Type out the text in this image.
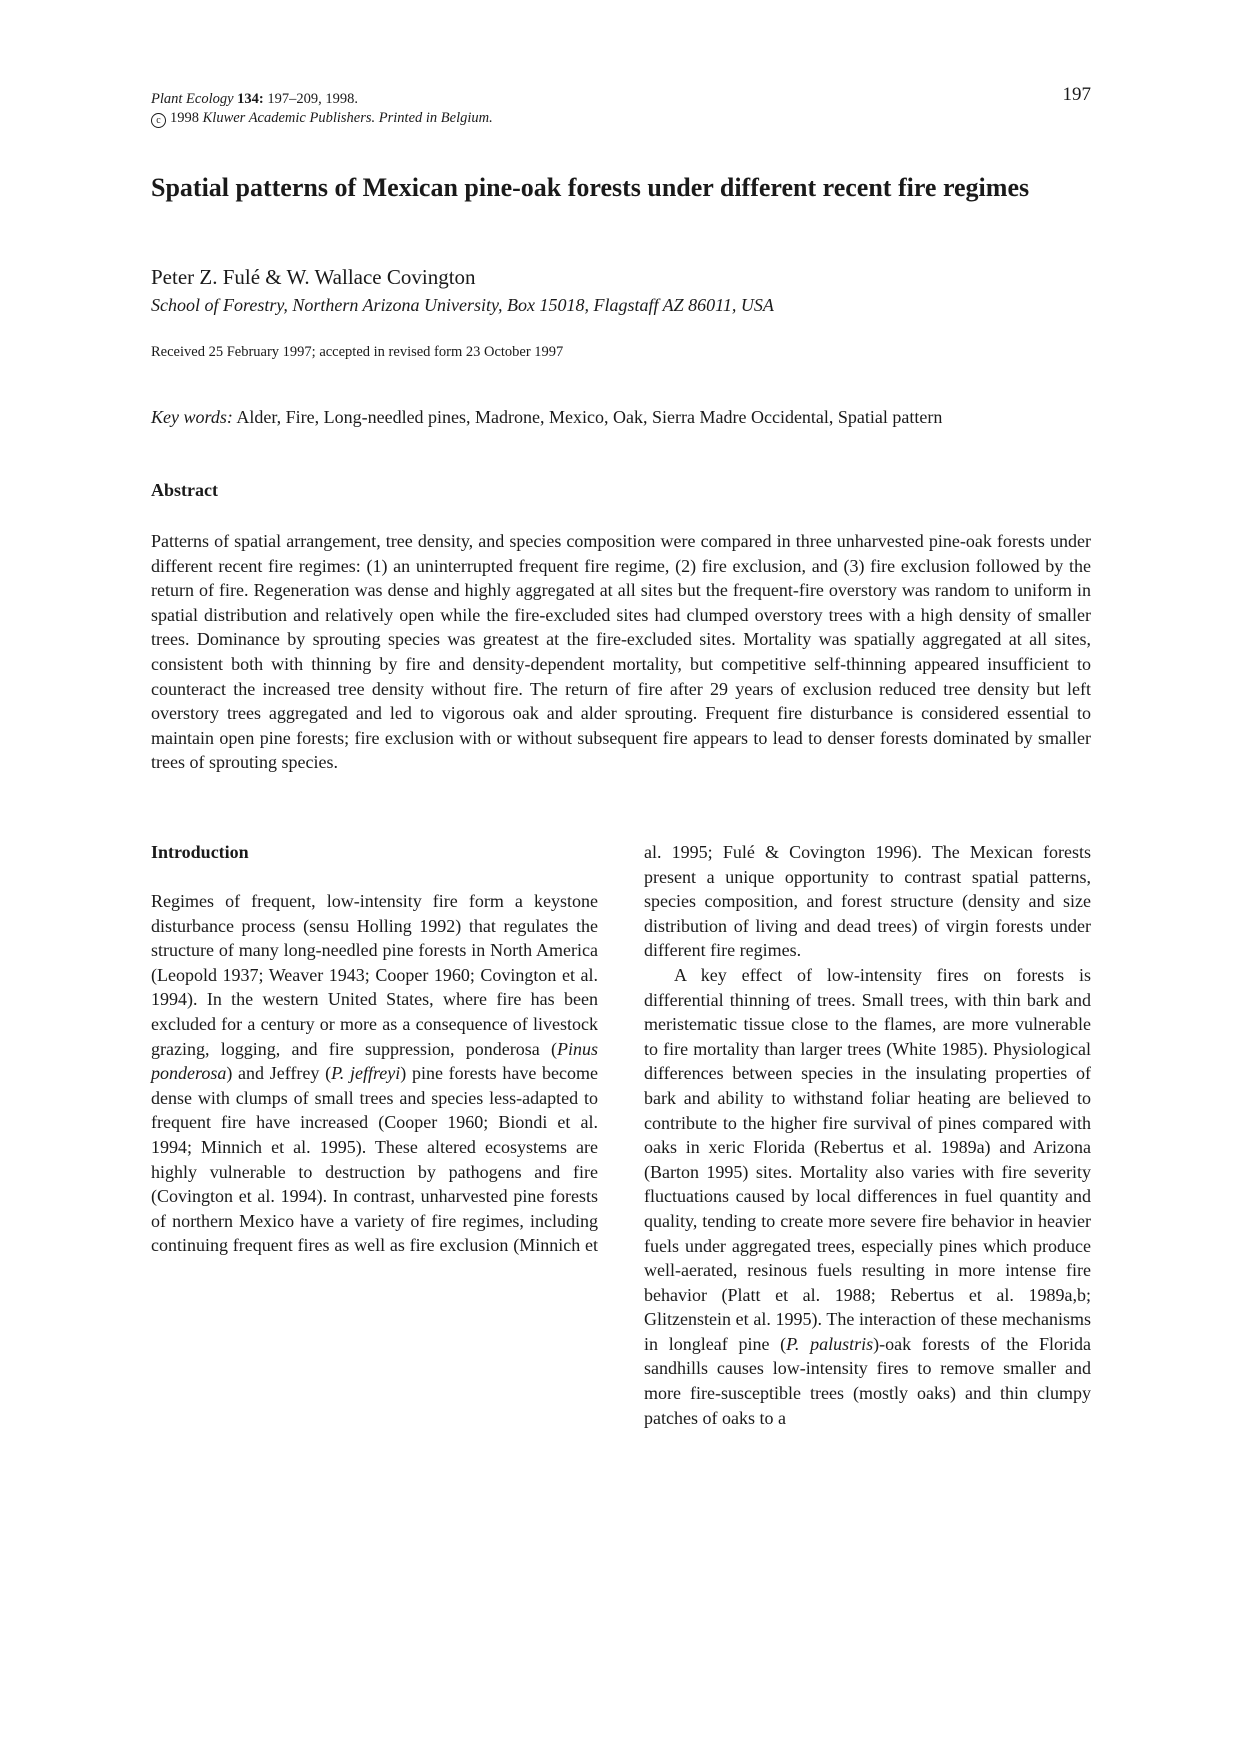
Plant Ecology 134: 197–209, 1998.
c 1998 Kluwer Academic Publishers. Printed in Belgium.
197
Spatial patterns of Mexican pine-oak forests under different recent fire regimes
Peter Z. Fulé & W. Wallace Covington
School of Forestry, Northern Arizona University, Box 15018, Flagstaff AZ 86011, USA
Received 25 February 1997; accepted in revised form 23 October 1997
Key words: Alder, Fire, Long-needled pines, Madrone, Mexico, Oak, Sierra Madre Occidental, Spatial pattern
Abstract

Patterns of spatial arrangement, tree density, and species composition were compared in three unharvested pine-oak forests under different recent fire regimes: (1) an uninterrupted frequent fire regime, (2) fire exclusion, and (3) fire exclusion followed by the return of fire. Regeneration was dense and highly aggregated at all sites but the frequent-fire overstory was random to uniform in spatial distribution and relatively open while the fire-excluded sites had clumped overstory trees with a high density of smaller trees. Dominance by sprouting species was greatest at the fire-excluded sites. Mortality was spatially aggregated at all sites, consistent both with thinning by fire and density-dependent mortality, but competitive self-thinning appeared insufficient to counteract the increased tree density without fire. The return of fire after 29 years of exclusion reduced tree density but left overstory trees aggregated and led to vigorous oak and alder sprouting. Frequent fire disturbance is considered essential to maintain open pine forests; fire exclusion with or without subsequent fire appears to lead to denser forests dominated by smaller trees of sprouting species.

Introduction

Regimes of frequent, low-intensity fire form a keystone disturbance process (sensu Holling 1992) that regulates the structure of many long-needled pine forests in North America (Leopold 1937; Weaver 1943; Cooper 1960; Covington et al. 1994). In the western United States, where fire has been excluded for a century or more as a consequence of livestock grazing, logging, and fire suppression, ponderosa (Pinus ponderosa) and Jeffrey (P. jeffreyi) pine forests have become dense with clumps of small trees and species less-adapted to frequent fire have increased (Cooper 1960; Biondi et al. 1994; Minnich et al. 1995). These altered ecosystems are highly vulnerable to destruction by pathogens and fire (Covington et al. 1994). In contrast, unharvested pine forests of northern Mexico have a variety of fire regimes, including continuing frequent fires as well as fire exclusion (Minnich et

al. 1995; Fulé & Covington 1996). The Mexican forests present a unique opportunity to contrast spatial patterns, species composition, and forest structure (density and size distribution of living and dead trees) of virgin forests under different fire regimes.

A key effect of low-intensity fires on forests is differential thinning of trees. Small trees, with thin bark and meristematic tissue close to the flames, are more vulnerable to fire mortality than larger trees (White 1985). Physiological differences between species in the insulating properties of bark and ability to withstand foliar heating are believed to contribute to the higher fire survival of pines compared with oaks in xeric Florida (Rebertus et al. 1989a) and Arizona (Barton 1995) sites. Mortality also varies with fire severity fluctuations caused by local differences in fuel quantity and quality, tending to create more severe fire behavior in heavier fuels under aggregated trees, especially pines which produce well-aerated, resinous fuels resulting in more intense fire behavior (Platt et al. 1988; Rebertus et al. 1989a,b; Glitzenstein et al. 1995). The interaction of these mechanisms in longleaf pine (P. palustris)-oak forests of the Florida sandhills causes low-intensity fires to remove smaller and more fire-susceptible trees (mostly oaks) and thin clumpy patches of oaks to a
